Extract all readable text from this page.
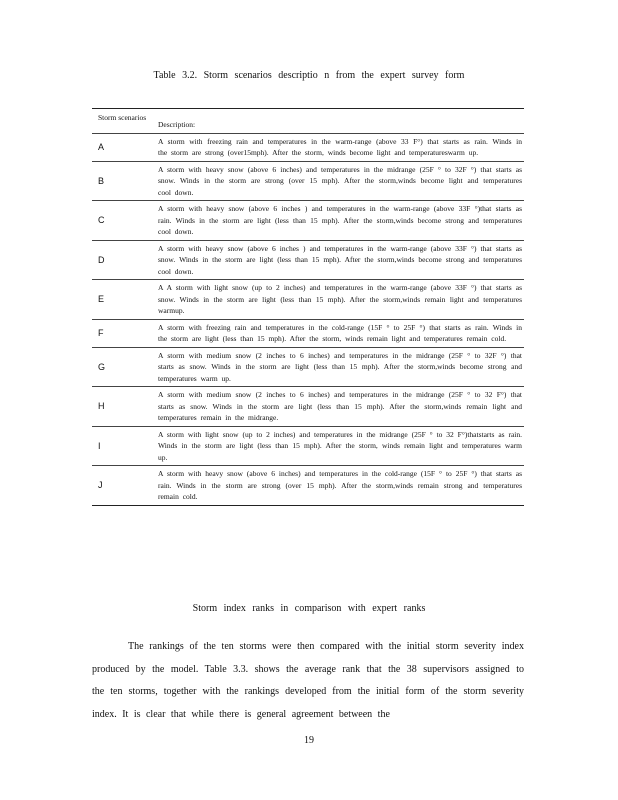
Table 3.2. Storm scenarios descriptio n from the expert survey form
Storm scenarios
Description:
A
A storm with freezing rain and temperatures in the warm-range (above 33 F°) that starts as rain. Winds in the storm are strong (over15mph). After the storm, winds become light and temperatureswarm up.
B
A storm with heavy snow (above 6 inches) and temperatures in the midrange (25F ° to 32F °) that starts as snow. Winds in the storm are strong (over 15 mph). After the storm,winds become light and temperatures cool down.
C
A storm with heavy snow (above 6 inches ) and temperatures in the warm-range (above 33F °)that starts as rain. Winds in the storm are light (less than 15 mph). After the storm,winds become strong and temperatures cool down.
D
A storm with heavy snow (above 6 inches ) and temperatures in the warm-range (above 33F °) that starts as snow. Winds in the storm are light (less than 15 mph). After the storm,winds become strong and temperatures cool down.
E
A A storm with light snow (up to 2 inches) and temperatures in the warm-range (above 33F °) that starts as snow. Winds in the storm are light (less than 15 mph). After the storm,winds remain light and temperatures warmup.
F
A storm with freezing rain and temperatures in the cold-range (15F ° to 25F °) that starts as rain. Winds in the storm are light (less than 15 mph). After the storm, winds remain light and temperatures remain cold.
G
A storm with medium snow (2 inches to 6 inches) and temperatures in the midrange (25F ° to 32F °) that starts as snow. Winds in the storm are light (less than 15 mph). After the storm,winds become strong and temperatures warm up.
H
A storm with medium snow (2 inches to 6 inches) and temperatures in the midrange (25F ° to 32 F°) that starts as snow. Winds in the storm are light (less than 15 mph). After the storm,winds remain light and temperatures remain in the midrange.
I
A storm with light snow (up to 2 inches) and temperatures in the midrange (25F ° to 32 F°)thatstarts as rain. Winds in the storm are light (less than 15 mph). After the storm, winds remain light and temperatures warm up.
J
A storm with heavy snow (above 6 inches) and temperatures in the cold-range (15F ° to 25F °) that starts as rain. Winds in the storm are strong (over 15 mph). After the storm,winds remain strong and temperatures remain cold.
Storm index ranks in comparison with expert ranks
The rankings of the ten storms were then compared with the initial storm severity index produced by the model. Table 3.3. shows the average rank that the 38 supervisors assigned to the ten storms, together with the rankings developed from the initial form of the storm severity index. It is clear that while there is general agreement between the
19
